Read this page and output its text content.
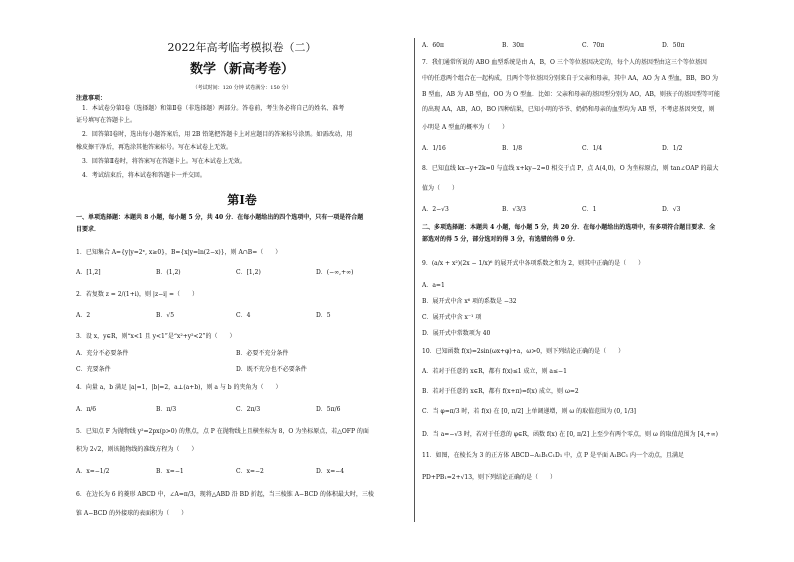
2022年高考临考模拟卷（二）
数学（新高考卷）
（考试时间：120 分钟 试卷满分：150 分）
注意事项：
1．本试卷分第Ⅰ卷（选择题）和第Ⅱ卷（非选择题）两部分。答卷前，考生务必将自己的姓名、准考
证号填写在答题卡上。
2．回答第Ⅰ卷时，选出每小题答案后，用 2B 铅笔把答题卡上对应题目的答案标号涂黑。如需改动，用
橡皮擦干净后，再选涂其他答案标号。写在本试卷上无效。
3．回答第Ⅱ卷时，将答案写在答题卡上。写在本试卷上无效。
4．考试结束后，将本试卷和答题卡一并交回。
第Ⅰ卷
一、单项选择题：本题共 8 小题，每小题 5 分，共 40 分．在每小题给出的四个选项中，只有一项是符合题
目要求．
1．已知集合 A={y|y=2ˣ, x≥0}，B={x|y=ln(2−x)}，则 A∩B=（　　）
A．[1,2]	B．(1,2)	C．[1,2)	D．(−∞,+∞)
2．若复数 z = 2/(1+i)，则 |z−i| =（　　）
A．2	B．√5	C．4	D．5
3．设 x，y∈R，则“x<1 且 y<1”是“x²+y²<2”的（　　）
A．充分不必要条件	B．必要不充分条件
C．充要条件	D．既不充分也不必要条件
4．向量 a，b 满足 |a|=1，|b|=2，a⊥(a+b)，则 a 与 b 的夹角为（　　）
A．π/6	B．π/3	C．2π/3	D．5π/6
5．已知点 F 为抛物线 y²=2px(p>0) 的焦点，点 P 在抛物线上且横坐标为 8，O 为坐标原点，若△OFP 的面
积为 2√2，则该抛物线的准线方程为（　　）
A．x=−1/2	B．x=−1	C．x=−2	D．x=−4
6．在边长为 6 的菱形 ABCD 中，∠A=π/3，现将△ABD 沿 BD 折起，当三棱锥 A−BCD 的体积最大时，三棱
锥 A−BCD 的外接球的表面积为（　　）
A．60π	B．30π	C．70π	D．50π
7．我们通常所说的 ABO 血型系统是由 A，B，O 三个等位基因决定的，每个人的基因型由这三个等位基因
中的任意两个组合在一起构成，且两个等位基因分别来自于父亲和母亲，其中 AA，AO 为 A 型血，BB，BO 为
B 型血，AB 为 AB 型血，OO 为 O 型血．比如：父亲和母亲的基因型分别为 AO，AB，则孩子的基因型等可能
的出现 AA，AB，AO，BO 四种结果，已知小明的爷爷、奶奶和母亲的血型均为 AB 型，不考虑基因突变，则
小明是 A 型血的概率为（　　）
A．1/16	B．1/8	C．1/4	D．1/2
8．已知直线 kx−y+2k=0 与直线 x+ky−2=0 相交于点 P，点 A(4,0)，O 为坐标原点，则 tan∠OAP 的最大
值为（　　）
A．2−√3	B．√3/3	C．1	D．√3
二、多项选择题：本题共 4 小题，每小题 5 分，共 20 分．在每小题给出的选项中，有多项符合题目要求．全
部选对的得 5 分，部分选对的得 3 分，有选错的得 0 分．
9．(a/x + x²)(2x − 1/x)⁶ 的展开式中各项系数之和为 2，则其中正确的是（　　）
A．a=1
B．展开式中含 x⁶ 项的系数是 −32
C．展开式中含 x⁻¹ 项
D．展开式中常数项为 40
10．已知函数 f(x)=2sin(ωx+φ)+a，ω>0，则下列结论正确的是（　　）
A．若对于任意的 x∈R，都有 f(x)≤1 成立，则 a≤−1
B．若对于任意的 x∈R，都有 f(x+π)=f(x) 成立，则 ω=2
C．当 φ=π/3 时，若 f(x) 在 [0, π/2] 上单调递增，则 ω 的取值范围为 (0, 1/3]
D．当 a=−√3 时，若对于任意的 φ∈R，函数 f(x) 在 [0, π/2] 上至少有两个零点，则 ω 的取值范围为 [4,+∞)
11．如图，在棱长为 3 的正方体 ABCD−A₁B₁C₁D₁ 中，点 P 是平面 A₁BC₁ 内一个动点，且满足
PD+PB₁=2+√13，则下列结论正确的是（　　）
